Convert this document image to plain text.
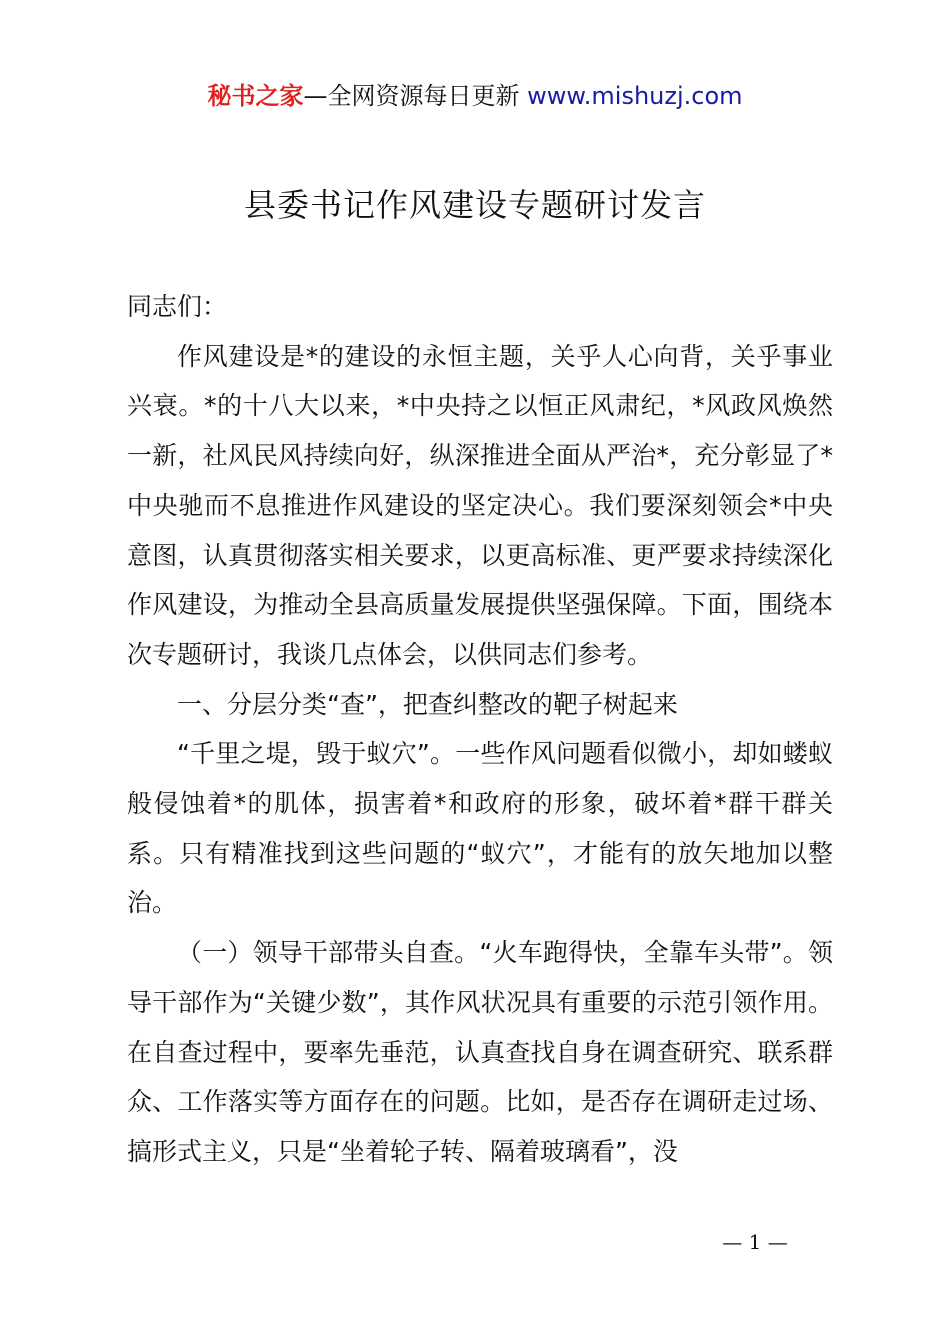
秘书之家—全网资源每日更新 www.mishuzj.com
县委书记作风建设专题研讨发言

同志们：

作风建设是*的建设的永恒主题，关乎人心向背，关乎事业兴衰。*的十八大以来，*中央持之以恒正风肃纪，*风政风焕然一新，社风民风持续向好，纵深推进全面从严治*，充分彰显了*中央驰而不息推进作风建设的坚定决心。我们要深刻领会*中央意图，认真贯彻落实相关要求，以更高标准、更严要求持续深化作风建设，为推动全县高质量发展提供坚强保障。下面，围绕本次专题研讨，我谈几点体会，以供同志们参考。

一、分层分类“查”，把查纠整改的靶子树起来

“千里之堤，毁于蚁穴”。一些作风问题看似微小，却如蝼蚁般侵蚀着*的肌体，损害着*和政府的形象，破坏着*群干群关系。只有精准找到这些问题的“蚁穴”，才能有的放矢地加以整治。

（一）领导干部带头自查。“火车跑得快，全靠车头带”。领导干部作为“关键少数”，其作风状况具有重要的示范引领作用。在自查过程中，要率先垂范，认真查找自身在调查研究、联系群众、工作落实等方面存在的问题。比如，是否存在调研走过场、搞形式主义，只是“坐着轮子转、隔着玻璃看”，没

— 1 —
